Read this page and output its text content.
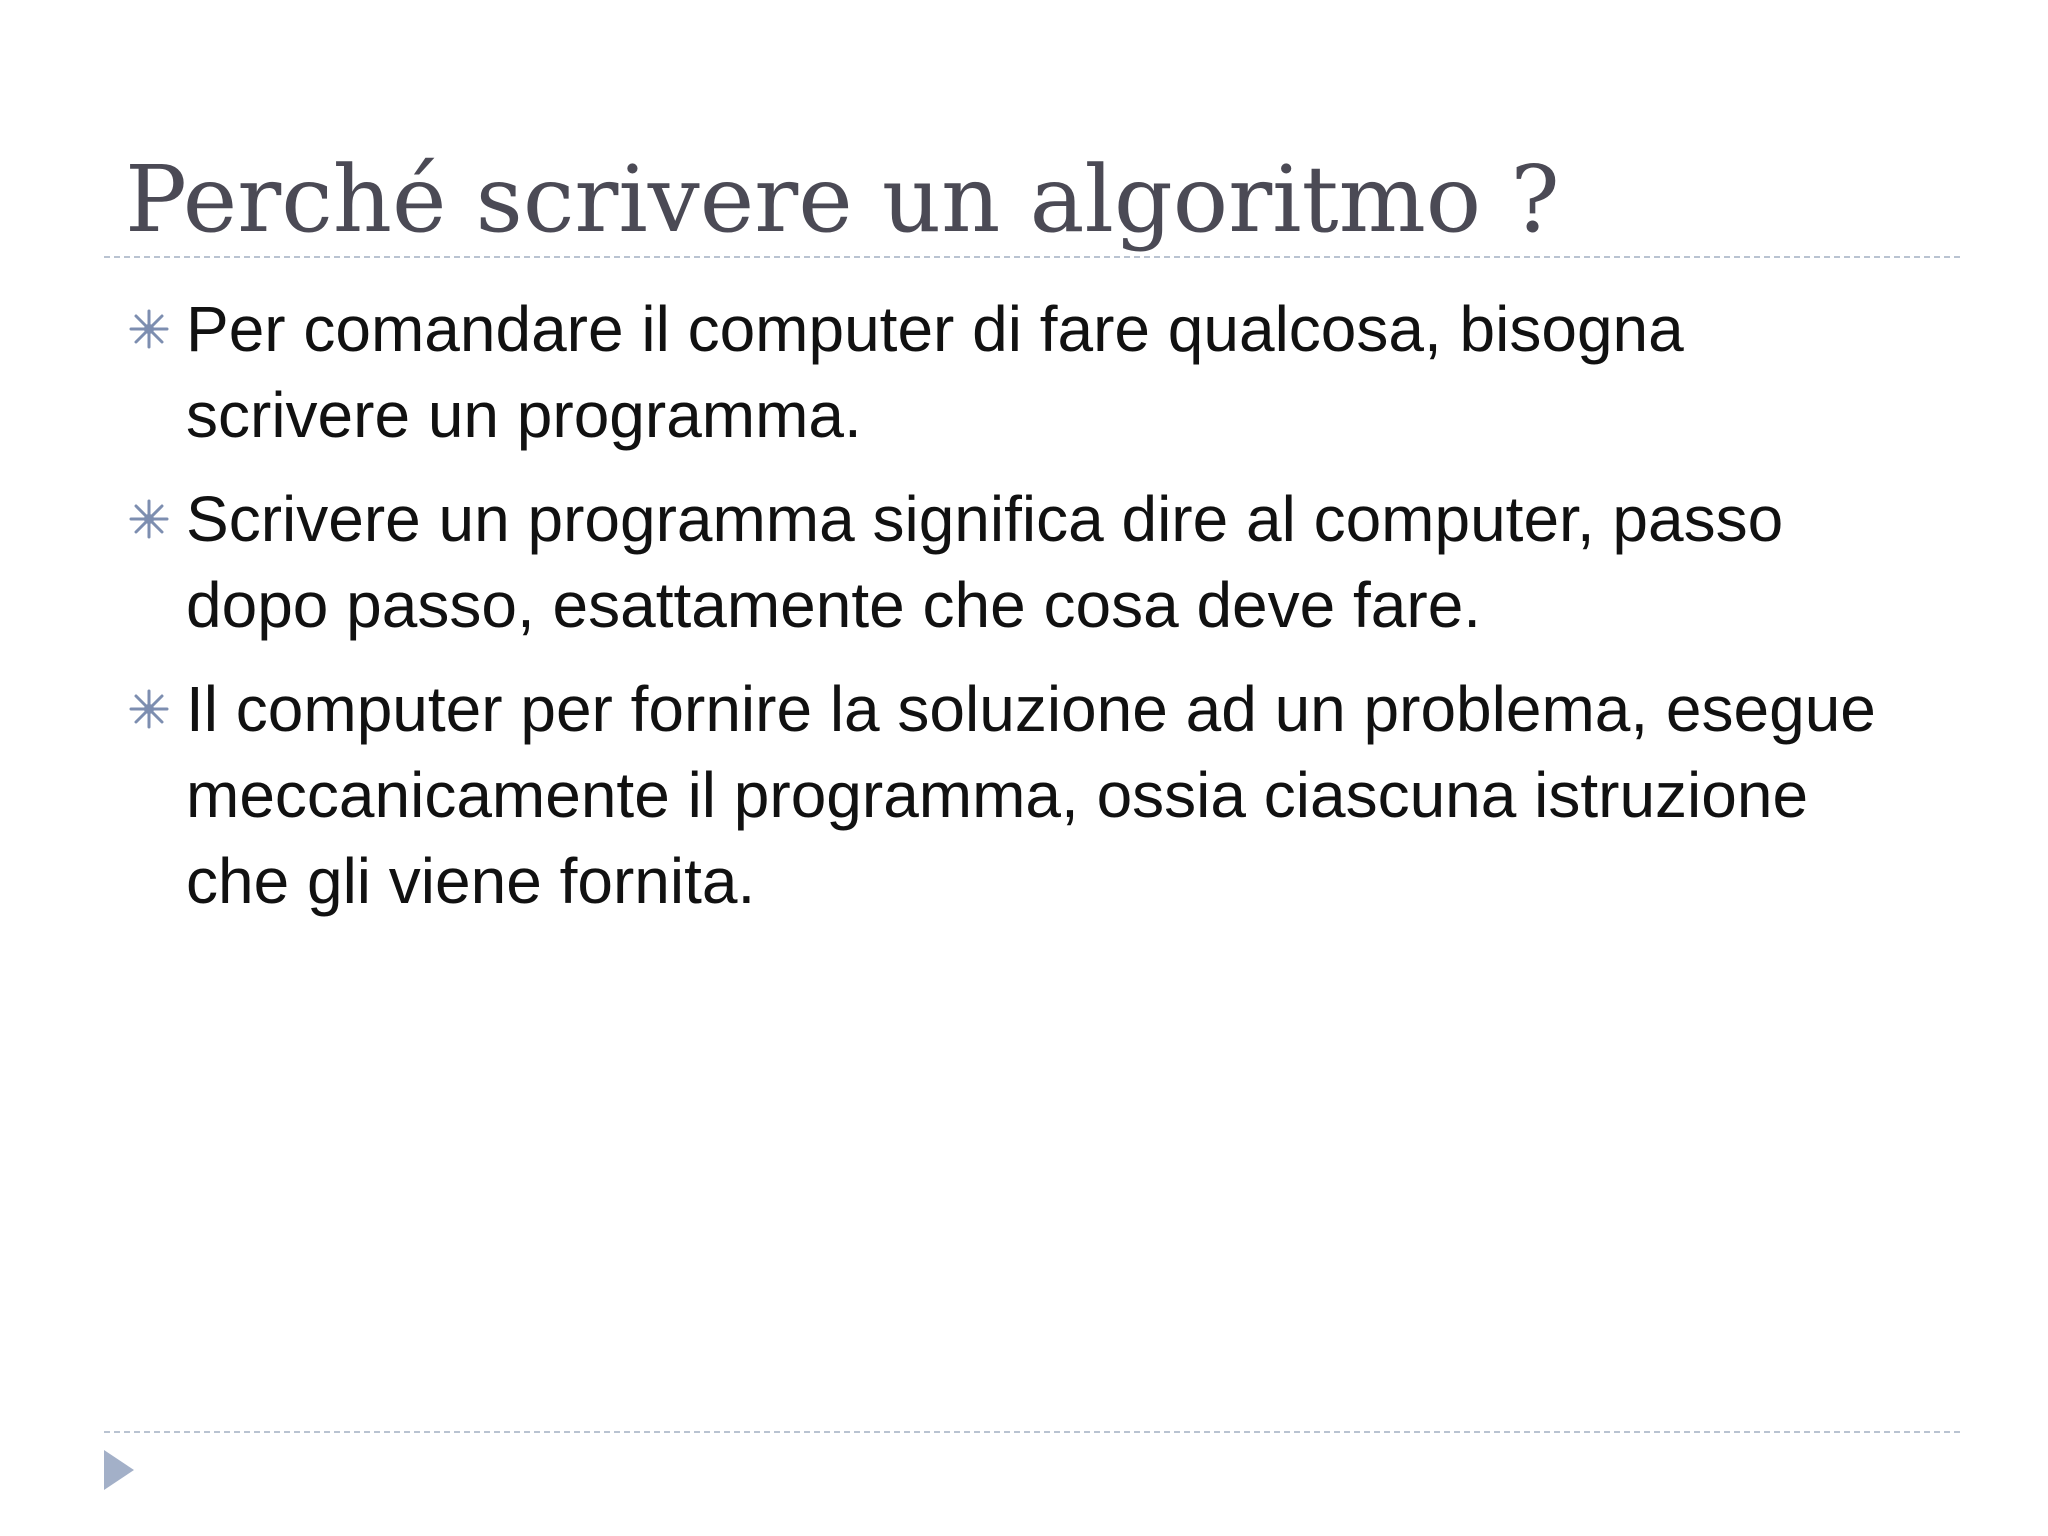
Perché scrivere un algoritmo ?
Per comandare il computer di fare qualcosa, bisogna scrivere un programma.
Scrivere un programma significa dire al computer, passo dopo passo, esattamente che cosa deve fare.
Il computer per fornire la soluzione ad un problema, esegue meccanicamente il programma, ossia ciascuna istruzione che gli viene fornita.
